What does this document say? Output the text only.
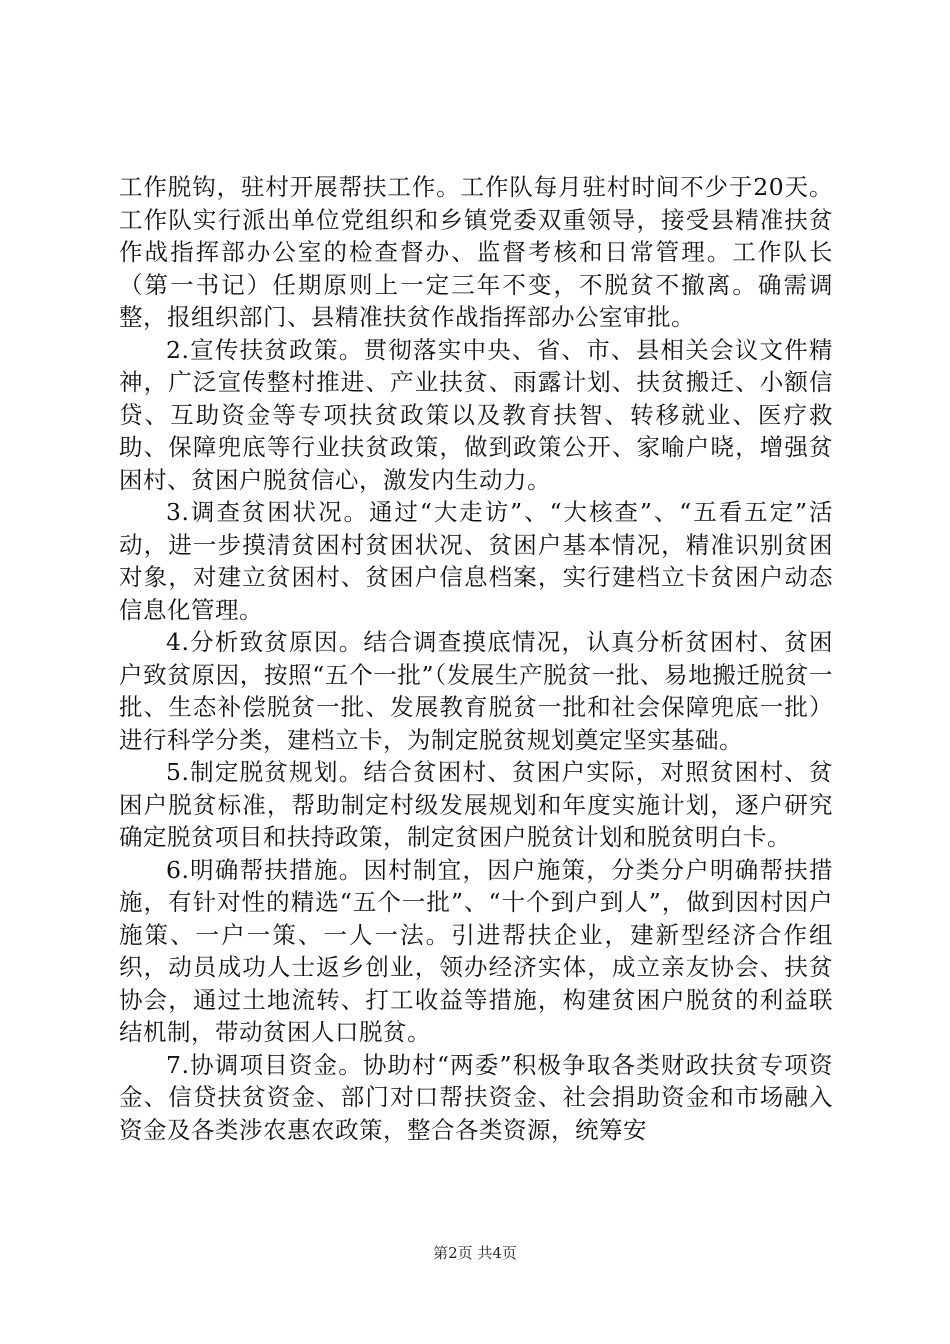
工作脱钩，驻村开展帮扶工作。工作队每月驻村时间不少于20天。工作队实行派出单位党组织和乡镇党委双重领导，接受县精准扶贫作战指挥部办公室的检查督办、监督考核和日常管理。工作队长（第一书记）任期原则上一定三年不变，不脱贫不撤离。确需调整，报组织部门、县精准扶贫作战指挥部办公室审批。

2.宣传扶贫政策。贯彻落实中央、省、市、县相关会议文件精神，广泛宣传整村推进、产业扶贫、雨露计划、扶贫搬迁、小额信贷、互助资金等专项扶贫政策以及教育扶智、转移就业、医疗救助、保障兜底等行业扶贫政策，做到政策公开、家喻户晓，增强贫困村、贫困户脱贫信心，激发内生动力。

3.调查贫困状况。通过“大走访”、“大核查”、“五看五定”活动，进一步摸清贫困村贫困状况、贫困户基本情况，精准识别贫困对象，对建立贫困村、贫困户信息档案，实行建档立卡贫困户动态信息化管理。

4.分析致贫原因。结合调查摸底情况，认真分析贫困村、贫困户致贫原因，按照“五个一批”（发展生产脱贫一批、易地搬迁脱贫一批、生态补偿脱贫一批、发展教育脱贫一批和社会保障兜底一批）进行科学分类，建档立卡，为制定脱贫规划奠定坚实基础。

5.制定脱贫规划。结合贫困村、贫困户实际，对照贫困村、贫困户脱贫标准，帮助制定村级发展规划和年度实施计划，逐户研究确定脱贫项目和扶持政策，制定贫困户脱贫计划和脱贫明白卡。

6.明确帮扶措施。因村制宜，因户施策，分类分户明确帮扶措施，有针对性的精选“五个一批”、“十个到户到人”，做到因村因户施策、一户一策、一人一法。引进帮扶企业，建新型经济合作组织，动员成功人士返乡创业，领办经济实体，成立亲友协会、扶贫协会，通过土地流转、打工收益等措施，构建贫困户脱贫的利益联结机制，带动贫困人口脱贫。

7.协调项目资金。协助村“两委”积极争取各类财政扶贫专项资金、信贷扶贫资金、部门对口帮扶资金、社会捐助资金和市场融入资金及各类涉农惠农政策，整合各类资源，统筹安

第2页 共4页
